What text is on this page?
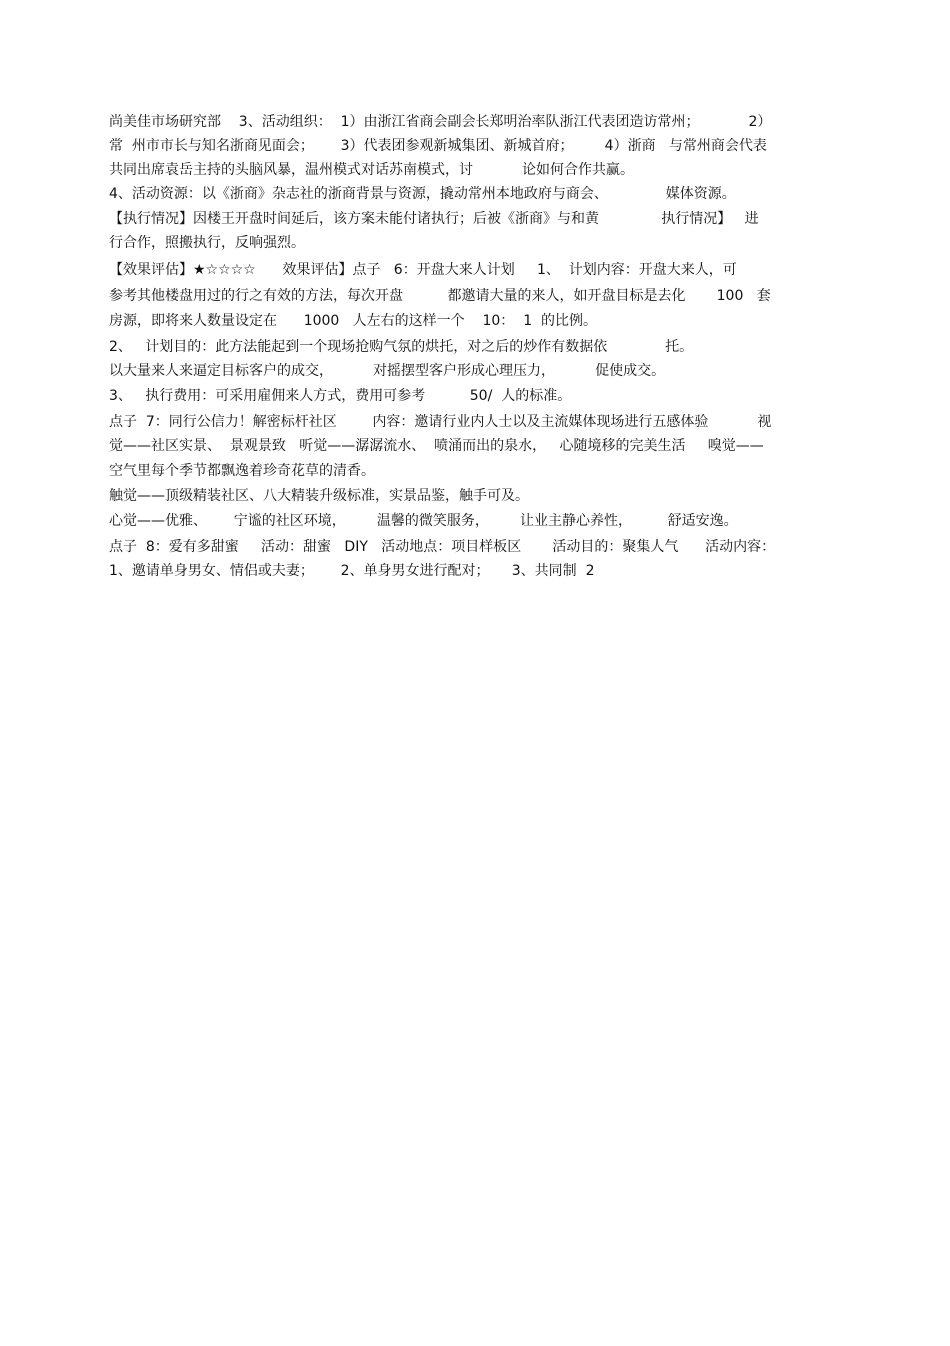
尚美佳市场研究部    3、活动组织：  1）由浙江省商会副会长郑明治率队浙江代表团造访常州；           2）
常  州市市长与知名浙商见面会；      3）代表团参观新城集团、新城首府；       4）浙商   与常州商会代表
共同出席袁岳主持的头脑风暴，温州模式对话苏南模式，讨           论如何合作共赢。
4、活动资源：以《浙商》杂志社的浙商背景与资源，撬动常州本地政府与商会、             媒体资源。
【执行情况】因楼王开盘时间延后，该方案未能付诸执行；后被《浙商》与和黄              执行情况】   进
行合作，照搬执行，反响强烈。
【效果评估】★☆☆☆☆      效果评估】点子   6：开盘大来人计划     1、  计划内容：开盘大来人，可
参考其他楼盘用过的行之有效的方法，每次开盘          都邀请大量的来人，如开盘目标是去化       100   套
房源，即将来人数量设定在      1000   人左右的这样一个    10：  1  的比例。
2、   计划目的：此方法能起到一个现场抢购气氛的烘托，对之后的炒作有数据依             托。
以大量来人来逼定目标客户的成交，         对摇摆型客户形成心理压力，         促使成交。
3、   执行费用：可采用雇佣来人方式，费用可参考          50/  人的标准。
点子  7：同行公信力！解密标杆社区        内容：邀请行业内人士以及主流媒体现场进行五感体验           视
觉——社区实景、  景观景致   听觉——潺潺流水、  喷涌而出的泉水，   心随境移的完美生活     嗅觉——
空气里每个季节都飘逸着珍奇花草的清香。
触觉——顶级精装社区、八大精装升级标准，实景品鉴，触手可及。
心觉——优雅、      宁谧的社区环境，       温馨的微笑服务，       让业主静心养性，        舒适安逸。
点子  8：爱有多甜蜜     活动：甜蜜   DIY   活动地点：项目样板区       活动目的：聚集人气      活动内容：
1、邀请单身男女、情侣或夫妻；      2、单身男女进行配对；     3、共同制  2
